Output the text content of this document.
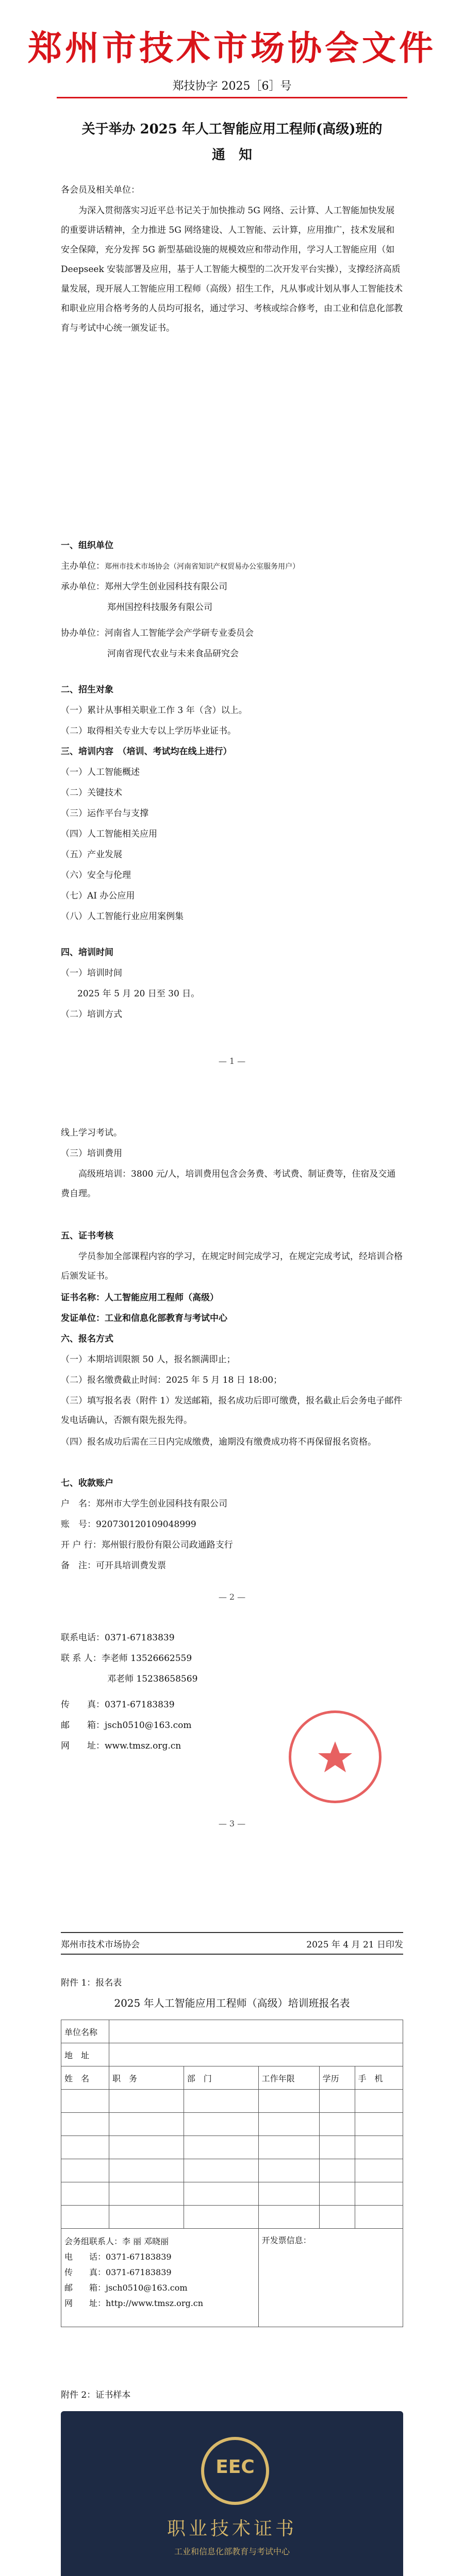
郑州市技术市场协会文件
郑技协字 2025［6］号
关于举办 2025 年人工智能应用工程师(高级)班的
通　知
各会员及相关单位：
为深入贯彻落实习近平总书记关于加快推动 5G 网络、云计算、人工智能加快发展的重要讲话精神，全力推进 5G 网络建设、人工智能、云计算，应用推广，技术发展和安全保障，充分发挥 5G 新型基础设施的规模效应和带动作用，学习人工智能应用（如 Deepseek 安装部署及应用，基于人工智能大模型的二次开发平台实操），支撑经济高质量发展，现开展人工智能应用工程师（高级）招生工作，凡从事或计划从事人工智能技术和职业应用合格考务的人员均可报名，通过学习、考核或综合修考，由工业和信息化部教育与考试中心统一颁发证书。
一、组织单位
主办单位：郑州市技术市场协会（河南省知识产权贸易办公室服务用户）
承办单位：郑州大学生创业园科技有限公司
郑州国控科技服务有限公司
协办单位：河南省人工智能学会产学研专业委员会
河南省现代农业与未来食品研究会
二、招生对象
（一）累计从事相关职业工作 3 年（含）以上。
（二）取得相关专业大专以上学历毕业证书。
三、培训内容　（培训、考试均在线上进行）
（一）人工智能概述
（二）关键技术
（三）运作平台与支撑
（四）人工智能相关应用
（五）产业发展
（六）安全与伦理
（七）AI 办公应用
（八）人工智能行业应用案例集
四、培训时间
（一）培训时间
2025 年 5 月 20 日至 30 日。
（二）培训方式
— 1 —
线上学习考试。
（三）培训费用
高级班培训：3800 元/人，培训费用包含会务费、考试费、制证费等，住宿及交通费自理。
五、证书考核
学员参加全部课程内容的学习，在规定时间完成学习，在规定完成考试，经培训合格后颁发证书。
证书名称：人工智能应用工程师（高级）
发证单位：工业和信息化部教育与考试中心
六、报名方式
（一）本期培训限额 50 人，报名额满即止；
（二）报名缴费截止时间：2025 年 5 月 18 日 18:00；
（三）填写报名表（附件 1）发送邮箱，报名成功后即可缴费，报名截止后会务电子邮件发电话确认，否额有限先报先得。
（四）报名成功后需在三日内完成缴费，逾期没有缴费成功将不再保留报名资格。
七、收款账户
户　名：郑州市大学生创业园科技有限公司
账　号：920730120109048999
开 户 行：郑州银行股份有限公司政通路支行
备　注：可开具培训费发票
— 2 —
联系电话：0371-67183839
联 系 人：李老师 13526662559
邓老师 15238658569
传　　真：0371-67183839
邮　　箱：jsch0510@163.com
网　　址：www.tmsz.org.cn
— 3 —
郑州市技术市场协会	2025 年 4 月 21 日印发
附件 1：报名表
2025 年人工智能应用工程师（高级）培训班报名表
单位名称					
地　址					
姓　名	职　务	部　门	工作年限	学历	手　机

会务组联系人：李 丽 邓晓丽
电　　话：0371-67183839
传　　真：0371-67183839
邮　　箱：jsch0510@163.com
网　　址：http://www.tmsz.org.cn			开发票信息：		
附件 2：证书样本
EEC
职业技术证书
工业和信息化部教育与考试中心
